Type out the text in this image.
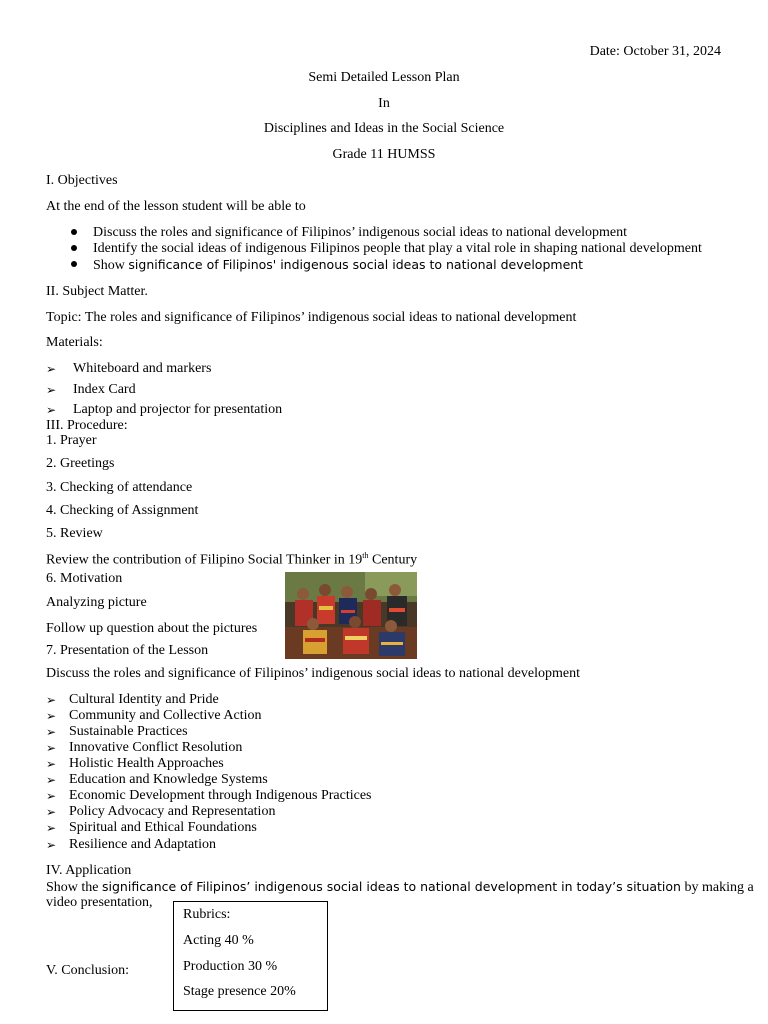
Date: October 31, 2024
Semi Detailed Lesson Plan
In
Disciplines and Ideas in the Social Science
Grade 11 HUMSS
I. Objectives
At the end of the lesson student will be able to
Discuss the roles and significance of Filipinos’ indigenous social ideas to national development
Identify the social ideas of indigenous Filipinos people that play a vital role in shaping national development
Show significance of Filipinos' indigenous social ideas to national development
II. Subject Matter.
Topic: The roles and significance of Filipinos’ indigenous social ideas to national development
Materials:
➢ Whiteboard and markers
➢ Index Card
➢ Laptop and projector for presentation
III. Procedure:
1. Prayer
2. Greetings
3. Checking of attendance
4. Checking of Assignment
5. Review
Review the contribution of Filipino Social Thinker in 19th Century
6. Motivation
Analyzing picture
Follow up question about the pictures
7. Presentation of the Lesson
Discuss the roles and significance of Filipinos’ indigenous social ideas to national development
➢ Cultural Identity and Pride
➢ Community and Collective Action
➢ Sustainable Practices
➢ Innovative Conflict Resolution
➢ Holistic Health Approaches
➢ Education and Knowledge Systems
➢ Economic Development through Indigenous Practices
➢ Policy Advocacy and Representation
➢ Spiritual and Ethical Foundations
➢ Resilience and Adaptation
IV. Application
Show the significance of Filipinos’ indigenous social ideas to national development in today’s situation by making a
video presentation,
Rubrics:
Acting 40 %
Production 30 %
Stage presence 20%
V. Conclusion:
